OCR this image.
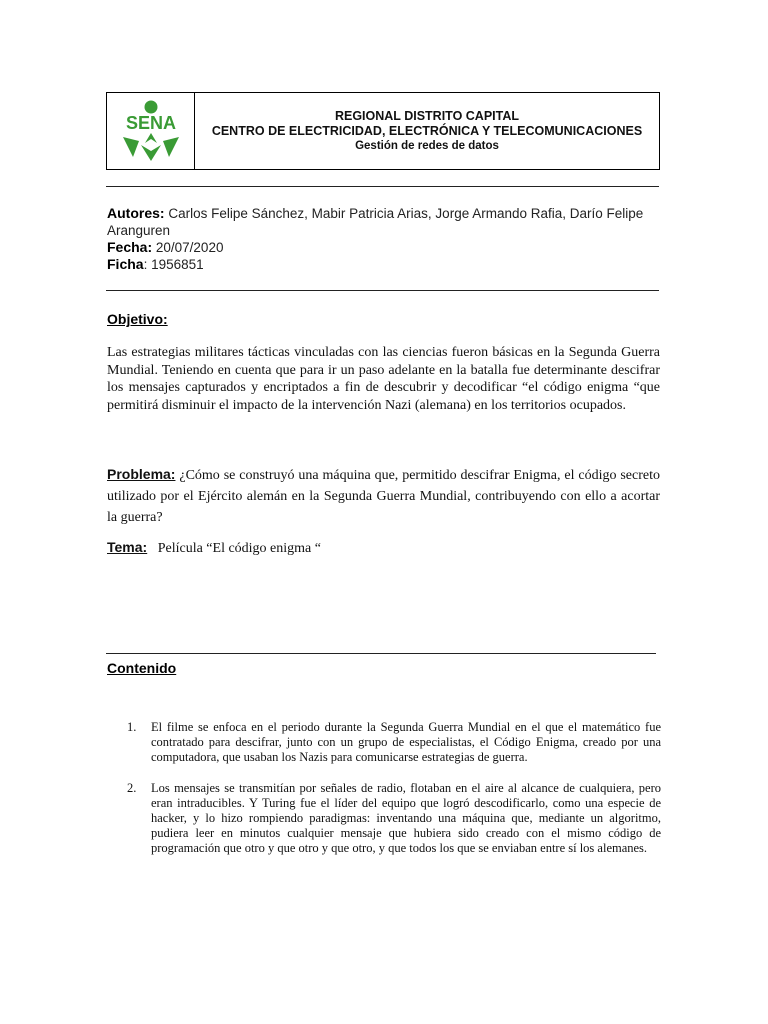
SENA	REGIONAL DISTRITO CAPITAL
CENTRO DE ELECTRICIDAD, ELECTRÓNICA Y TELECOMUNICACIONES
Gestión de redes de datos
Autores: Carlos Felipe Sánchez, Mabir Patricia Arias, Jorge Armando Rafia, Darío Felipe Aranguren
Fecha: 20/07/2020
Ficha: 1956851
Objetivo:
Las estrategias militares tácticas vinculadas con las ciencias fueron básicas en la Segunda Guerra Mundial. Teniendo en cuenta que para ir un paso adelante en la batalla fue determinante descifrar los mensajes capturados y encriptados a fin de descubrir y decodificar “el código enigma “que permitirá disminuir el impacto de la intervención Nazi (alemana) en los territorios ocupados.
Problema: ¿Cómo se construyó una máquina que, permitido descifrar Enigma, el código secreto utilizado por el Ejército alemán en la Segunda Guerra Mundial, contribuyendo con ello a acortar la guerra?
Tema: Película “El código enigma “
Contenido
1.	El filme se enfoca en el periodo durante la Segunda Guerra Mundial en el que el matemático fue contratado para descifrar, junto con un grupo de especialistas, el Código Enigma, creado por una computadora, que usaban los Nazis para comunicarse estrategias de guerra.
2.	Los mensajes se transmitían por señales de radio, flotaban en el aire al alcance de cualquiera, pero eran intraducibles. Y Turing fue el líder del equipo que logró descodificarlo, como una especie de hacker, y lo hizo rompiendo paradigmas: inventando una máquina que, mediante un algoritmo, pudiera leer en minutos cualquier mensaje que hubiera sido creado con el mismo código de programación que otro y que otro y que otro, y que todos los que se enviaban entre sí los alemanes.
